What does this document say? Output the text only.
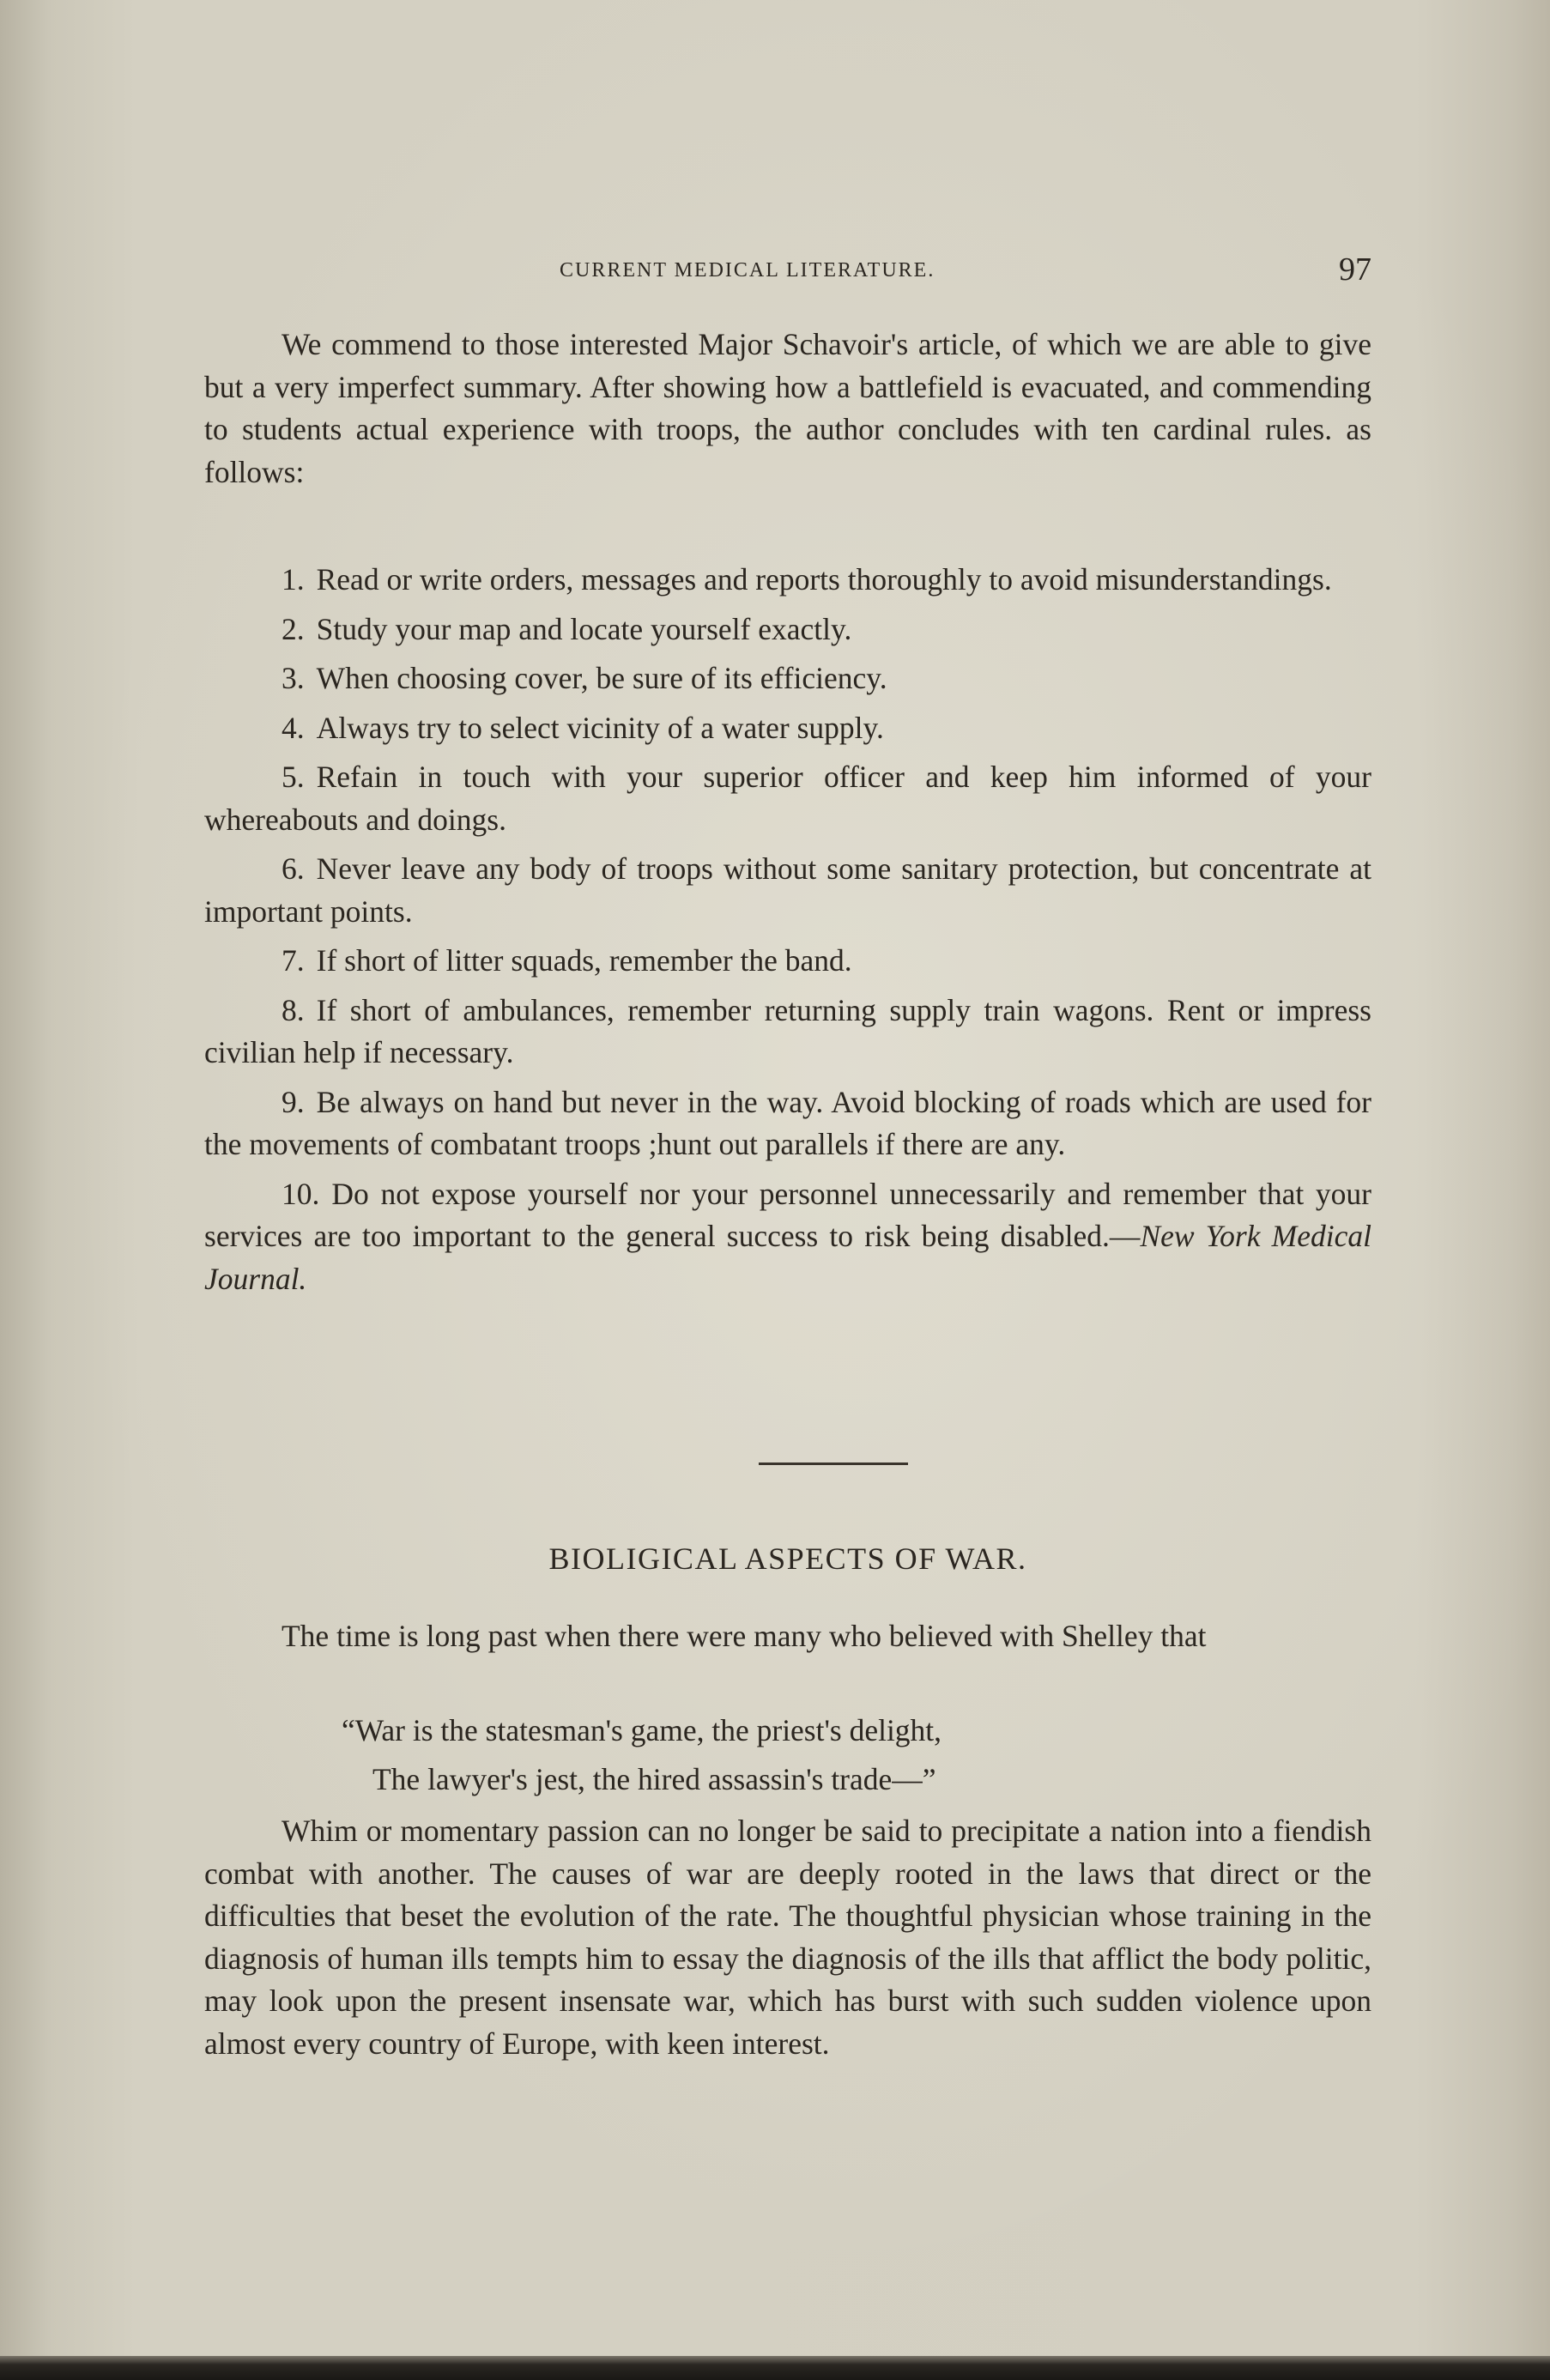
CURRENT MEDICAL LITERATURE.	97

We commend to those interested Major Schavoir's article, of which we are able to give but a very imperfect summary. After showing how a battlefield is evacuated, and commending to students actual experience with troops, the author concludes with ten cardinal rules. as follows:

1. Read or write orders, messages and reports thoroughly to avoid misunderstandings.

2. Study your map and locate yourself exactly.

3. When choosing cover, be sure of its efficiency.

4. Always try to select vicinity of a water supply.

5. Refain in touch with your superior officer and keep him informed of your whereabouts and doings.

6. Never leave any body of troops without some sanitary protection, but concentrate at important points.

7. If short of litter squads, remember the band.

8. If short of ambulances, remember returning supply train wagons. Rent or impress civilian help if necessary.

9. Be always on hand but never in the way. Avoid blocking of roads which are used for the movements of combatant troops ;hunt out parallels if there are any.

10. Do not expose yourself nor your personnel unnecessarily and remember that your services are too important to the general success to risk being disabled.—New York Medical Journal.

BIOLIGICAL ASPECTS OF WAR.

The time is long past when there were many who believed with Shelley that

“War is the statesman's game, the priest's delight,
The lawyer's jest, the hired assassin's trade—”

Whim or momentary passion can no longer be said to precipitate a nation into a fiendish combat with another. The causes of war are deeply rooted in the laws that direct or the difficulties that beset the evolution of the rate. The thoughtful physician whose training in the diagnosis of human ills tempts him to essay the diagnosis of the ills that afflict the body politic, may look upon the present insensate war, which has burst with such sudden violence upon almost every country of Europe, with keen interest.
